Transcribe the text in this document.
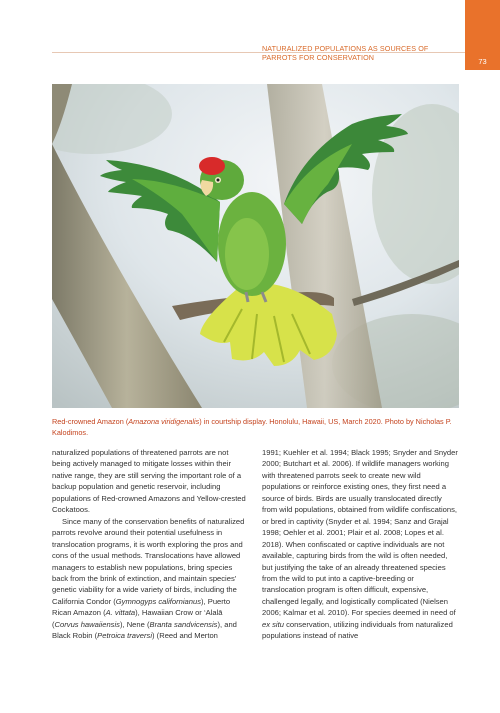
73
NATURALIZED POPULATIONS AS SOURCES OF
PARROTS FOR CONSERVATION
Red-crowned Amazon (Amazona viridigenalis) in courtship display. Honolulu, Hawaii, US, March 2020. Photo by Nicholas P. Kalodimos.

naturalized populations of threatened parrots are not being actively managed to mitigate losses within their native range, they are still serving the important role of a backup population and genetic reservoir, including populations of Red-crowned Amazons and Yellow-crested Cockatoos.

Since many of the conservation benefits of naturalized parrots revolve around their potential usefulness in translocation programs, it is worth exploring the pros and cons of the usual methods. Translocations have allowed managers to establish new populations, bring species back from the brink of extinction, and maintain species' genetic viability for a wide variety of birds, including the California Condor (Gymnogyps californianus), Puerto Rican Amazon (A. vittata), Hawaiian Crow or ‘Alalā (Corvus hawaiiensis), Nene (Branta sandvicensis), and Black Robin (Petroica traversi) (Reed and Merton

1991; Kuehler et al. 1994; Black 1995; Snyder and Snyder 2000; Butchart et al. 2006). If wildlife managers working with threatened parrots seek to create new wild populations or reinforce existing ones, they first need a source of birds. Birds are usually translocated directly from wild populations, obtained from wildlife confiscations, or bred in captivity (Snyder et al. 1994; Sanz and Grajal 1998; Oehler et al. 2001; Plair et al. 2008; Lopes et al. 2018). When confiscated or captive individuals are not available, capturing birds from the wild is often needed, but justifying the take of an already threatened species from the wild to put into a captive-breeding or translocation program is often difficult, expensive, challenged legally, and logistically complicated (Nielsen 2006; Kalmar et al. 2010). For species deemed in need of ex situ conservation, utilizing individuals from naturalized populations instead of native
